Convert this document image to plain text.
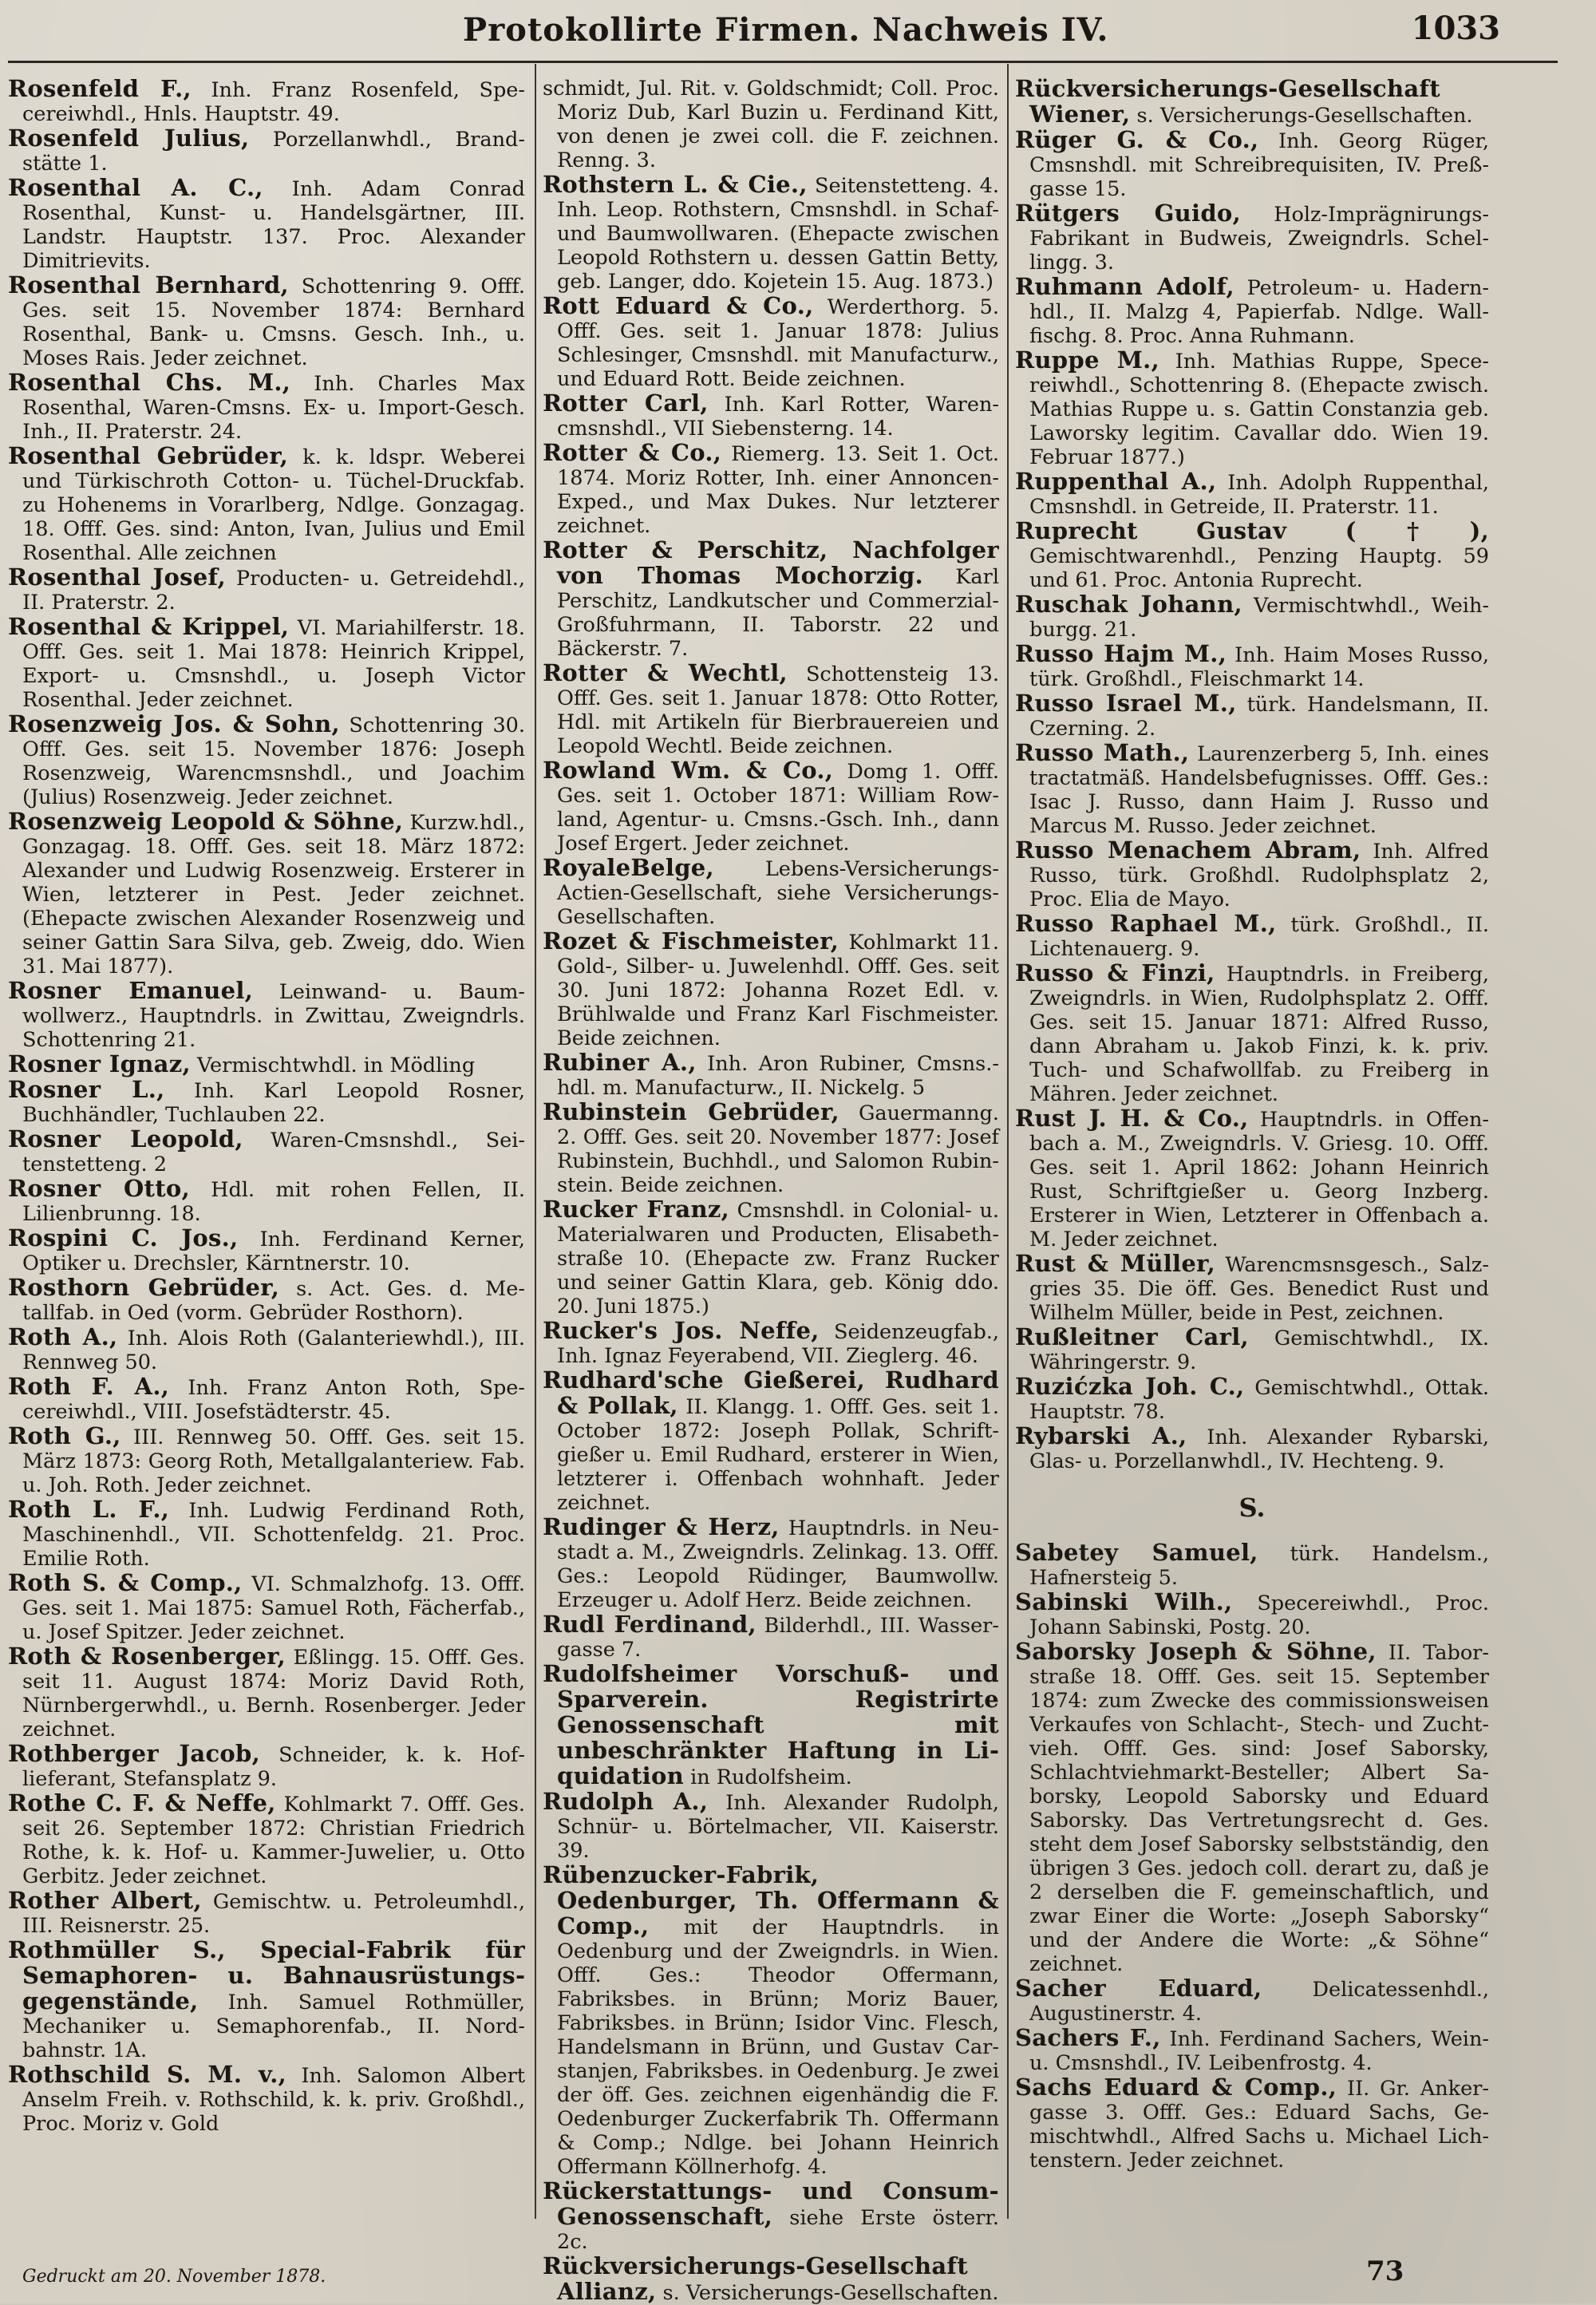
Protokollirte Firmen. Nachweis IV.	1033
Rosenfeld F., Inh. Franz Rosenfeld, Specereiwhdl., Hnls. Hauptstr. 49.
Rosenfeld Julius, Porzellanwhdl., Brandstätte 1.
Rosenthal A. C., Inh. Adam Conrad Rosenthal, Kunst- u. Handelsgärtner, III. Landstr. Hauptstr. 137. Proc. Alexander Dimitrievits.
Rosenthal Bernhard, Schottenring 9. Offf. Ges. seit 15. November 1874: Bernhard Rosenthal, Bank- u. Cmsns. Gesch. Inh., u. Moses Rais. Jeder zeichnet.
Rosenthal Chs. M., Inh. Charles Max Rosenthal, Waren-Cmsns. Ex- u. Import-Gesch. Inh., II. Praterstr. 24.
Rosenthal Gebrüder, k. k. ldspr. Weberei und Türkischroth Cotton- u. Tüchel-Druckfab. zu Hohenems in Vorarlberg, Ndlge. Gonzagag. 18. Offf. Ges. sind: Anton, Ivan, Julius und Emil Rosenthal. Alle zeichnen
Rosenthal Josef, Producten- u. Getreidehdl., II. Praterstr. 2.
Rosenthal & Krippel, VI. Mariahilferstr. 18. Offf. Ges. seit 1. Mai 1878: Heinrich Krippel, Export- u. Cmsnshdl., u. Joseph Victor Rosenthal. Jeder zeichnet.
Rosenzweig Jos. & Sohn, Schottenring 30. Offf. Ges. seit 15. November 1876: Joseph Rosenzweig, Warencmsnshdl., und Joachim (Julius) Rosenzweig. Jeder zeichnet.
Rosenzweig Leopold & Söhne, Kurzw.hdl., Gonzagag. 18. Offf. Ges. seit 18. März 1872: Alexander und Ludwig Rosenzweig. Ersterer in Wien, letzterer in Pest. Jeder zeichnet. (Ehepacte zwischen Alexander Rosenzweig und seiner Gattin Sara Silva, geb. Zweig, ddo. Wien 31. Mai 1877).
Rosner Emanuel, Leinwand- u. Baumwollwerz., Hauptndrls. in Zwittau, Zweigndrls. Schottenring 21.
Rosner Ignaz, Vermischtwhdl. in Mödling
Rosner L., Inh. Karl Leopold Rosner, Buchhändler, Tuchlauben 22.
Rosner Leopold, Waren-Cmsnshdl., Seitenstetteng. 2
Rosner Otto, Hdl. mit rohen Fellen, II. Lilienbrunng. 18.
Rospini C. Jos., Inh. Ferdinand Kerner, Optiker u. Drechsler, Kärntnerstr. 10.
Rosthorn Gebrüder, s. Act. Ges. d. Metallfab. in Oed (vorm. Gebrüder Rosthorn).
Roth A., Inh. Alois Roth (Galanteriewhdl.), III. Rennweg 50.
Roth F. A., Inh. Franz Anton Roth, Specereiwhdl., VIII. Josefstädterstr. 45.
Roth G., III. Rennweg 50. Offf. Ges. seit 15. März 1873: Georg Roth, Metallgalanteriew. Fab. u. Joh. Roth. Jeder zeichnet.
Roth L. F., Inh. Ludwig Ferdinand Roth, Maschinenhdl., VII. Schottenfeldg. 21. Proc. Emilie Roth.
Roth S. & Comp., VI. Schmalzhofg. 13. Offf. Ges. seit 1. Mai 1875: Samuel Roth, Fächerfab., u. Josef Spitzer. Jeder zeichnet.
Roth & Rosenberger, Eßlingg. 15. Offf. Ges. seit 11. August 1874: Moriz David Roth, Nürnbergerwhdl., u. Bernh. Rosenberger. Jeder zeichnet.
Rothberger Jacob, Schneider, k. k. Hoflieferant, Stefansplatz 9.
Rothe C. F. & Neffe, Kohlmarkt 7. Offf. Ges. seit 26. September 1872: Christian Friedrich Rothe, k. k. Hof- u. Kammer-Juwelier, u. Otto Gerbitz. Jeder zeichnet.
Rother Albert, Gemischtw. u. Petroleumhdl., III. Reisnerstr. 25.
Rothmüller S., Special-Fabrik für Semaphoren- u. Bahnausrüstungsgegenstände, Inh. Samuel Rothmüller, Mechaniker u. Semaphorenfab., II. Nordbahnstr. 1A.
Rothschild S. M. v., Inh. Salomon Albert Anselm Freih. v. Rothschild, k. k. priv. Großhdl., Proc. Moriz v. Gold
schmidt, Jul. Rit. v. Goldschmidt; Coll. Proc. Moriz Dub, Karl Buzin u. Ferdinand Kitt, von denen je zwei coll. die F. zeichnen. Renng. 3.
Rothstern L. & Cie., Seitenstetteng. 4. Inh. Leop. Rothstern, Cmsnshdl. in Schaf- und Baumwollwaren. (Ehepacte zwischen Leopold Rothstern u. dessen Gattin Betty, geb. Langer, ddo. Kojetein 15. Aug. 1873.)
Rott Eduard & Co., Werderthorg. 5. Offf. Ges. seit 1. Januar 1878: Julius Schlesinger, Cmsnshdl. mit Manufacturw., und Eduard Rott. Beide zeichnen.
Rotter Carl, Inh. Karl Rotter, Warencmsnshdl., VII Siebensterng. 14.
Rotter & Co., Riemerg. 13. Seit 1. Oct. 1874. Moriz Rotter, Inh. einer Annoncen-Exped., und Max Dukes. Nur letzterer zeichnet.
Rotter & Perschitz, Nachfolger von Thomas Mochorzig. Karl Perschitz, Landkutscher und Commerzial-Großfuhrmann, II. Taborstr. 22 und Bäckerstr. 7.
Rotter & Wechtl, Schottensteig 13. Offf. Ges. seit 1. Januar 1878: Otto Rotter, Hdl. mit Artikeln für Bierbrauereien und Leopold Wechtl. Beide zeichnen.
Rowland Wm. & Co., Domg 1. Offf. Ges. seit 1. October 1871: William Rowland, Agentur- u. Cmsns.-Gsch. Inh., dann Josef Ergert. Jeder zeichnet.
RoyaleBelge, Lebens-Versicherungs-Actien-Gesellschaft, siehe Versicherungs-Gesellschaften.
Rozet & Fischmeister, Kohlmarkt 11. Gold-, Silber- u. Juwelenhdl. Offf. Ges. seit 30. Juni 1872: Johanna Rozet Edl. v. Brühlwalde und Franz Karl Fischmeister. Beide zeichnen.
Rubiner A., Inh. Aron Rubiner, Cmsns.hdl. m. Manufacturw., II. Nickelg. 5
Rubinstein Gebrüder, Gauermanng. 2. Offf. Ges. seit 20. November 1877: Josef Rubinstein, Buchhdl., und Salomon Rubinstein. Beide zeichnen.
Rucker Franz, Cmsnshdl. in Colonial- u. Materialwaren und Producten, Elisabethstraße 10. (Ehepacte zw. Franz Rucker und seiner Gattin Klara, geb. König ddo. 20. Juni 1875.)
Rucker's Jos. Neffe, Seidenzeugfab., Inh. Ignaz Feyerabend, VII. Zieglerg. 46.
Rudhard'sche Gießerei, Rudhard & Pollak, II. Klangg. 1. Offf. Ges. seit 1. October 1872: Joseph Pollak, Schriftgießer u. Emil Rudhard, ersterer in Wien, letzterer i. Offenbach wohnhaft. Jeder zeichnet.
Rudinger & Herz, Hauptndrls. in Neustadt a. M., Zweigndrls. Zelinkag. 13. Offf. Ges.: Leopold Rüdinger, Baumwollw. Erzeuger u. Adolf Herz. Beide zeichnen.
Rudl Ferdinand, Bilderhdl., III. Wassergasse 7.
Rudolfsheimer Vorschuß- und Sparverein. Registrirte Genossenschaft mit unbeschränkter Haftung in Liquidation in Rudolfsheim.
Rudolph A., Inh. Alexander Rudolph, Schnür- u. Börtelmacher, VII. Kaiserstr. 39.
Rübenzucker-Fabrik, Oedenburger, Th. Offermann & Comp., mit der Hauptndrls. in Oedenburg und der Zweigndrls. in Wien. Offf. Ges.: Theodor Offermann, Fabriksbes. in Brünn; Moriz Bauer, Fabriksbes. in Brünn; Isidor Vinc. Flesch, Handelsmann in Brünn, und Gustav Carstanjen, Fabriksbes. in Oedenburg. Je zwei der öff. Ges. zeichnen eigenhändig die F. Oedenburger Zuckerfabrik Th. Offermann & Comp.; Ndlge. bei Johann Heinrich Offermann Köllnerhofg. 4.
Rückerstattungs- und Consum-Genossenschaft, siehe Erste österr. 2c.
Rückversicherungs-Gesellschaft Allianz, s. Versicherungs-Gesellschaften.
Rückversicherungs-Gesellschaft Wiener, s. Versicherungs-Gesellschaften.
Rüger G. & Co., Inh. Georg Rüger, Cmsnshdl. mit Schreibrequisiten, IV. Preßgasse 15.
Rütgers Guido, Holz-ImprägnirungsFabrikant in Budweis, Zweigndrls. Schellingg. 3.
Ruhmann Adolf, Petroleum- u. Hadernhdl., II. Malzg 4, Papierfab. Ndlge. Wallfischg. 8. Proc. Anna Ruhmann.
Ruppe M., Inh. Mathias Ruppe, Specereiwhdl., Schottenring 8. (Ehepacte zwisch. Mathias Ruppe u. s. Gattin Constanzia geb. Laworsky legitim. Cavallar ddo. Wien 19. Februar 1877.)
Ruppenthal A., Inh. Adolph Ruppenthal, Cmsnshdl. in Getreide, II. Praterstr. 11.
Ruprecht Gustav (†), Gemischtwarenhdl., Penzing Hauptg. 59 und 61. Proc. Antonia Ruprecht.
Ruschak Johann, Vermischtwhdl., Weihburgg. 21.
Russo Hajm M., Inh. Haim Moses Russo, türk. Großhdl., Fleischmarkt 14.
Russo Israel M., türk. Handelsmann, II. Czerning. 2.
Russo Math., Laurenzerberg 5, Inh. eines tractatmäß. Handelsbefugnisses. Offf. Ges.: Isac J. Russo, dann Haim J. Russo und Marcus M. Russo. Jeder zeichnet.
Russo Menachem Abram, Inh. Alfred Russo, türk. Großhdl. Rudolphsplatz 2, Proc. Elia de Mayo.
Russo Raphael M., türk. Großhdl., II. Lichtenauerg. 9.
Russo & Finzi, Hauptndrls. in Freiberg, Zweigndrls. in Wien, Rudolphsplatz 2. Offf. Ges. seit 15. Januar 1871: Alfred Russo, dann Abraham u. Jakob Finzi, k. k. priv. Tuch- und Schafwollfab. zu Freiberg in Mähren. Jeder zeichnet.
Rust J. H. & Co., Hauptndrls. in Offenbach a. M., Zweigndrls. V. Griesg. 10. Offf. Ges. seit 1. April 1862: Johann Heinrich Rust, Schriftgießer u. Georg Inzberg. Ersterer in Wien, Letzterer in Offenbach a. M. Jeder zeichnet.
Rust & Müller, Warencmsnsgesch., Salzgries 35. Die öff. Ges. Benedict Rust und Wilhelm Müller, beide in Pest, zeichnen.
Rußleitner Carl, Gemischtwhdl., IX. Währingerstr. 9.
Ruzićzka Joh. C., Gemischtwhdl., Ottak. Hauptstr. 78.
Rybarski A., Inh. Alexander Rybarski, Glas- u. Porzellanwhdl., IV. Hechteng. 9.
S.
Sabetey Samuel, türk. Handelsm., Hafnersteig 5.
Sabinski Wilh., Specereiwhdl., Proc. Johann Sabinski, Postg. 20.
Saborsky Joseph & Söhne, II. Taborstraße 18. Offf. Ges. seit 15. September 1874: zum Zwecke des commissionsweisen Verkaufes von Schlacht-, Stech- und Zuchtvieh. Offf. Ges. sind: Josef Saborsky, Schlachtviehmarkt-Besteller; Albert Saborsky, Leopold Saborsky und Eduard Saborsky. Das Vertretungsrecht d. Ges. steht dem Josef Saborsky selbstständig, den übrigen 3 Ges. jedoch coll. derart zu, daß je 2 derselben die F. gemeinschaftlich, und zwar Einer die Worte: „Joseph Saborsky“ und der Andere die Worte: „& Söhne“ zeichnet.
Sacher Eduard, Delicatessenhdl., Augustinerstr. 4.
Sachers F., Inh. Ferdinand Sachers, Wein- u. Cmsnshdl., IV. Leibenfrostg. 4.
Sachs Eduard & Comp., II. Gr. Ankergasse 3. Offf. Ges.: Eduard Sachs, Gemischtwhdl., Alfred Sachs u. Michael Lichtenstern. Jeder zeichnet.
Gedruckt am 20. November 1878.	73
